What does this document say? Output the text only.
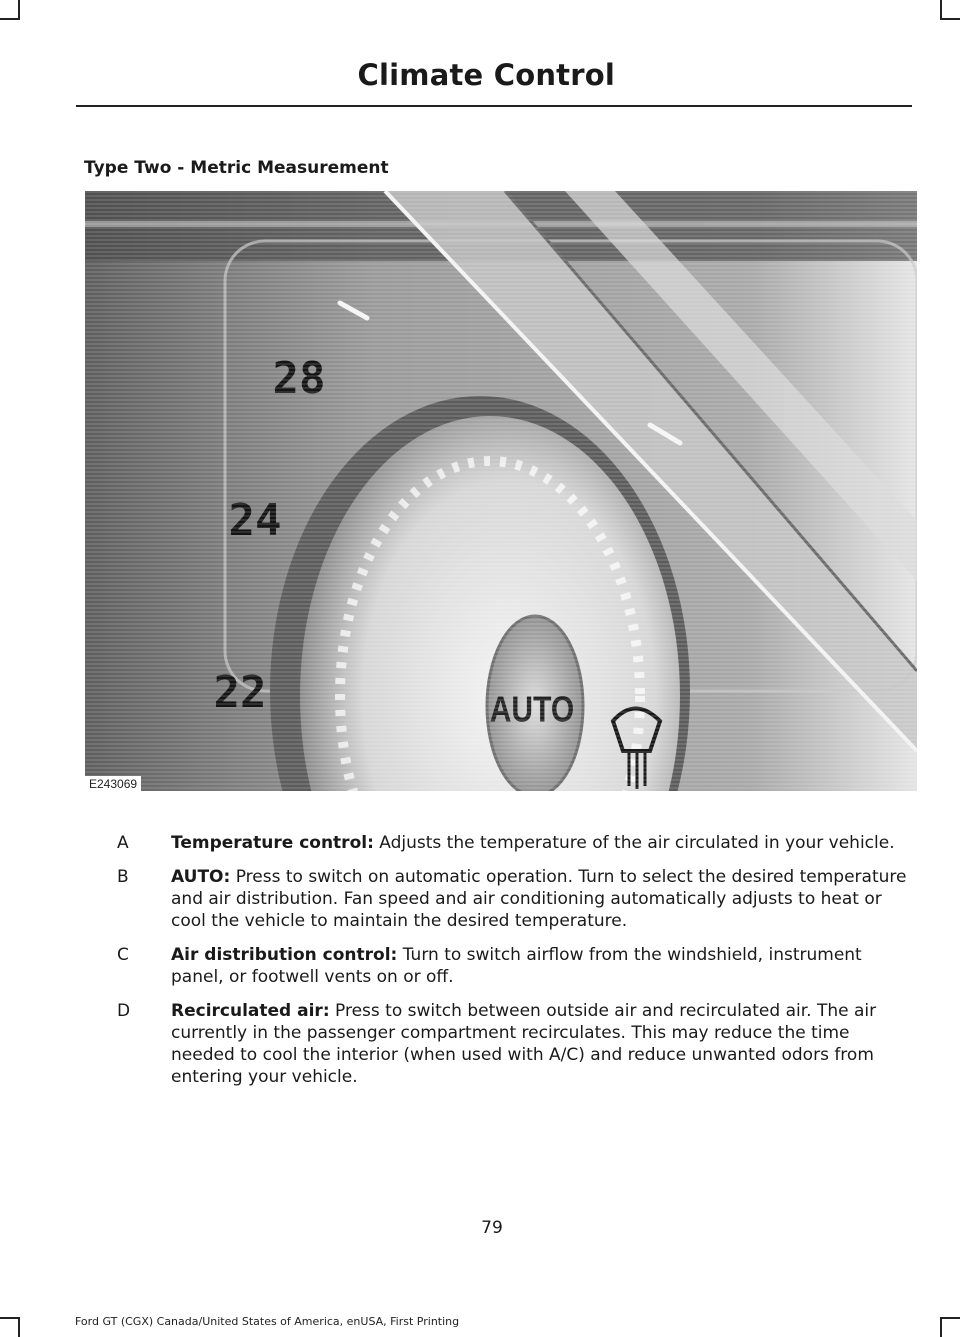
Climate Control
Type Two - Metric Measurement
E243069
A	Temperature control: Adjusts the temperature of the air circulated in your vehicle.
B	AUTO: Press to switch on automatic operation. Turn to select the desired temperature and air distribution. Fan speed and air conditioning automatically adjusts to heat or cool the vehicle to maintain the desired temperature.
C	Air distribution control: Turn to switch airflow from the windshield, instrument panel, or footwell vents on or off.
D	Recirculated air: Press to switch between outside air and recirculated air. The air currently in the passenger compartment recirculates. This may reduce the time needed to cool the interior (when used with A/C) and reduce unwanted odors from entering your vehicle.
79
Ford GT (CGX) Canada/United States of America, enUSA, First Printing
